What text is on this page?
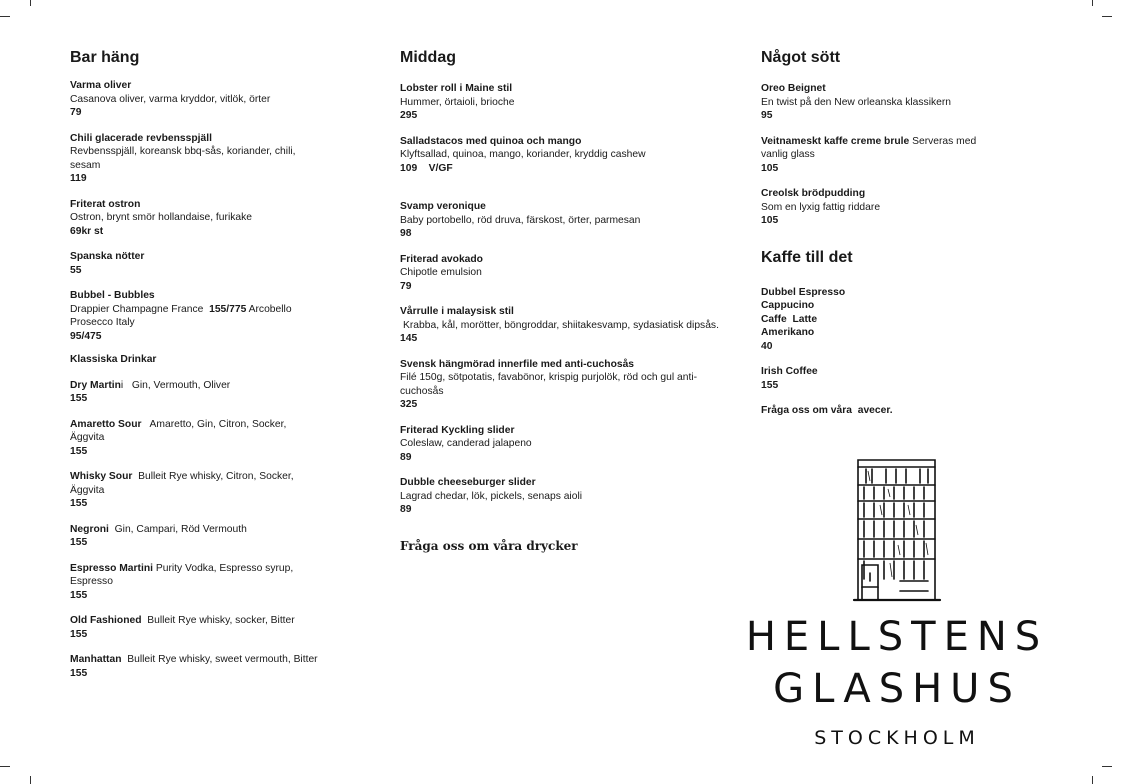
Bar häng
Varma oliver
Casanova oliver, varma kryddor, vitlök, örter
79
Chili glacerade revbensspjäll
Revbensspjäll, koreansk bbq-sås, koriander, chili, sesam
119
Friterat ostron
Ostron, brynt smör hollandaise, furikake
69kr st
Spanska nötter
55
Bubbel - Bubbles
Drappier Champagne France 155/775 Arcobello Prosecco Italy
95/475
Klassiska Drinkar
Dry Martini Gin, Vermouth, Oliver
155
Amaretto Sour Amaretto, Gin, Citron, Socker, Äggvita
155
Whisky Sour Bulleit Rye whisky, Citron, Socker, Äggvita
155
Negroni Gin, Campari, Röd Vermouth
155
Espresso Martini Purity Vodka, Espresso syrup, Espresso
155
Old Fashioned Bulleit Rye whisky, socker, Bitter
155
Manhattan Bulleit Rye whisky, sweet vermouth, Bitter
155
Middag
Lobster roll i Maine stil
Hummer, örtaioli, brioche
295
Salladstacos med quinoa och mango
Klyftsallad, quinoa, mango, koriander, kryddig cashew
109 V/GF
Svamp veronique
Baby portobello, röd druva, färskost, örter, parmesan
98
Friterad avokado
Chipotle emulsion
79
Vårrulle i malaysisk stil
Krabba, kål, morötter, böngroddar, shiitakesvamp, sydasiatisk dipsås.
145
Svensk hängmörad innerfile med anti-cuchosås
Filé 150g, sötpotatis, favabönor, krispig purjolök, röd och gul anti-cuchosås
325
Friterad Kyckling slider
Coleslaw, canderad jalapeno
89
Dubble cheeseburger slider
Lagrad chedar, lök, pickels, senaps aioli
89
Fråga oss om våra drycker
Något sött
Oreo Beignet
En twist på den New orleanska klassikern
95
Veitnameskt kaffe creme brule Serveras med vanlig glass
105
Creolsk brödpudding
Som en lyxig fattig riddare
105
Kaffe till det
Dubbel Espresso
Cappucino
Caffe  Latte
Amerikano
40
Irish Coffee
155
Fråga oss om våra  avecer.
HELLSTENS
GLASHUS
STOCKHOLM
